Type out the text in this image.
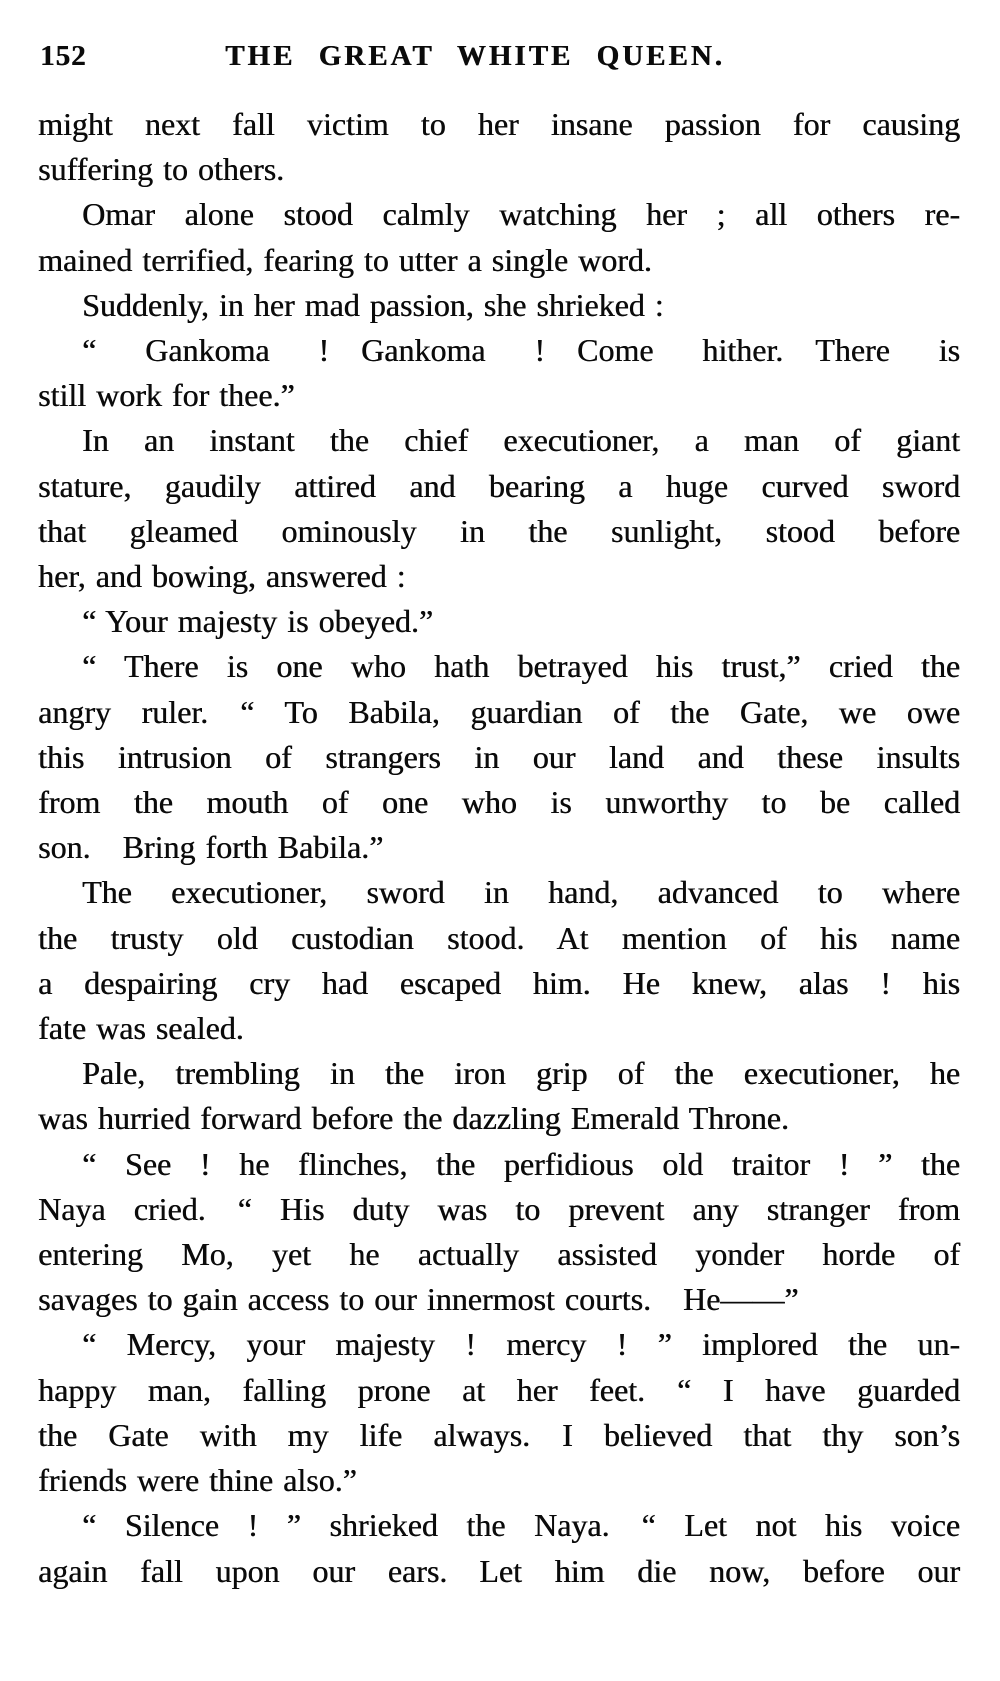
152	THE GREAT WHITE QUEEN.
might next fall victim to her insane passion for causing
suffering to others.
Omar alone stood calmly watching her ; all others re-
mained terrified, fearing to utter a single word.
Suddenly, in her mad passion, she shrieked :
“ Gankoma ! Gankoma ! Come hither. There is
still work for thee.”
In an instant the chief executioner, a man of giant
stature, gaudily attired and bearing a huge curved sword
that gleamed ominously in the sunlight, stood before
her, and bowing, answered :
“ Your majesty is obeyed.”
“ There is one who hath betrayed his trust,” cried the
angry ruler. “ To Babila, guardian of the Gate, we owe
this intrusion of strangers in our land and these insults
from the mouth of one who is unworthy to be called
son. Bring forth Babila.”
The executioner, sword in hand, advanced to where
the trusty old custodian stood. At mention of his name
a despairing cry had escaped him. He knew, alas ! his
fate was sealed.
Pale, trembling in the iron grip of the executioner, he
was hurried forward before the dazzling Emerald Throne.
“ See ! he flinches, the perfidious old traitor ! ” the
Naya cried. “ His duty was to prevent any stranger from
entering Mo, yet he actually assisted yonder horde of
savages to gain access to our innermost courts. He——”
“ Mercy, your majesty ! mercy ! ” implored the un-
happy man, falling prone at her feet. “ I have guarded
the Gate with my life always. I believed that thy son’s
friends were thine also.”
“ Silence ! ” shrieked the Naya. “ Let not his voice
again fall upon our ears. Let him die now, before our
